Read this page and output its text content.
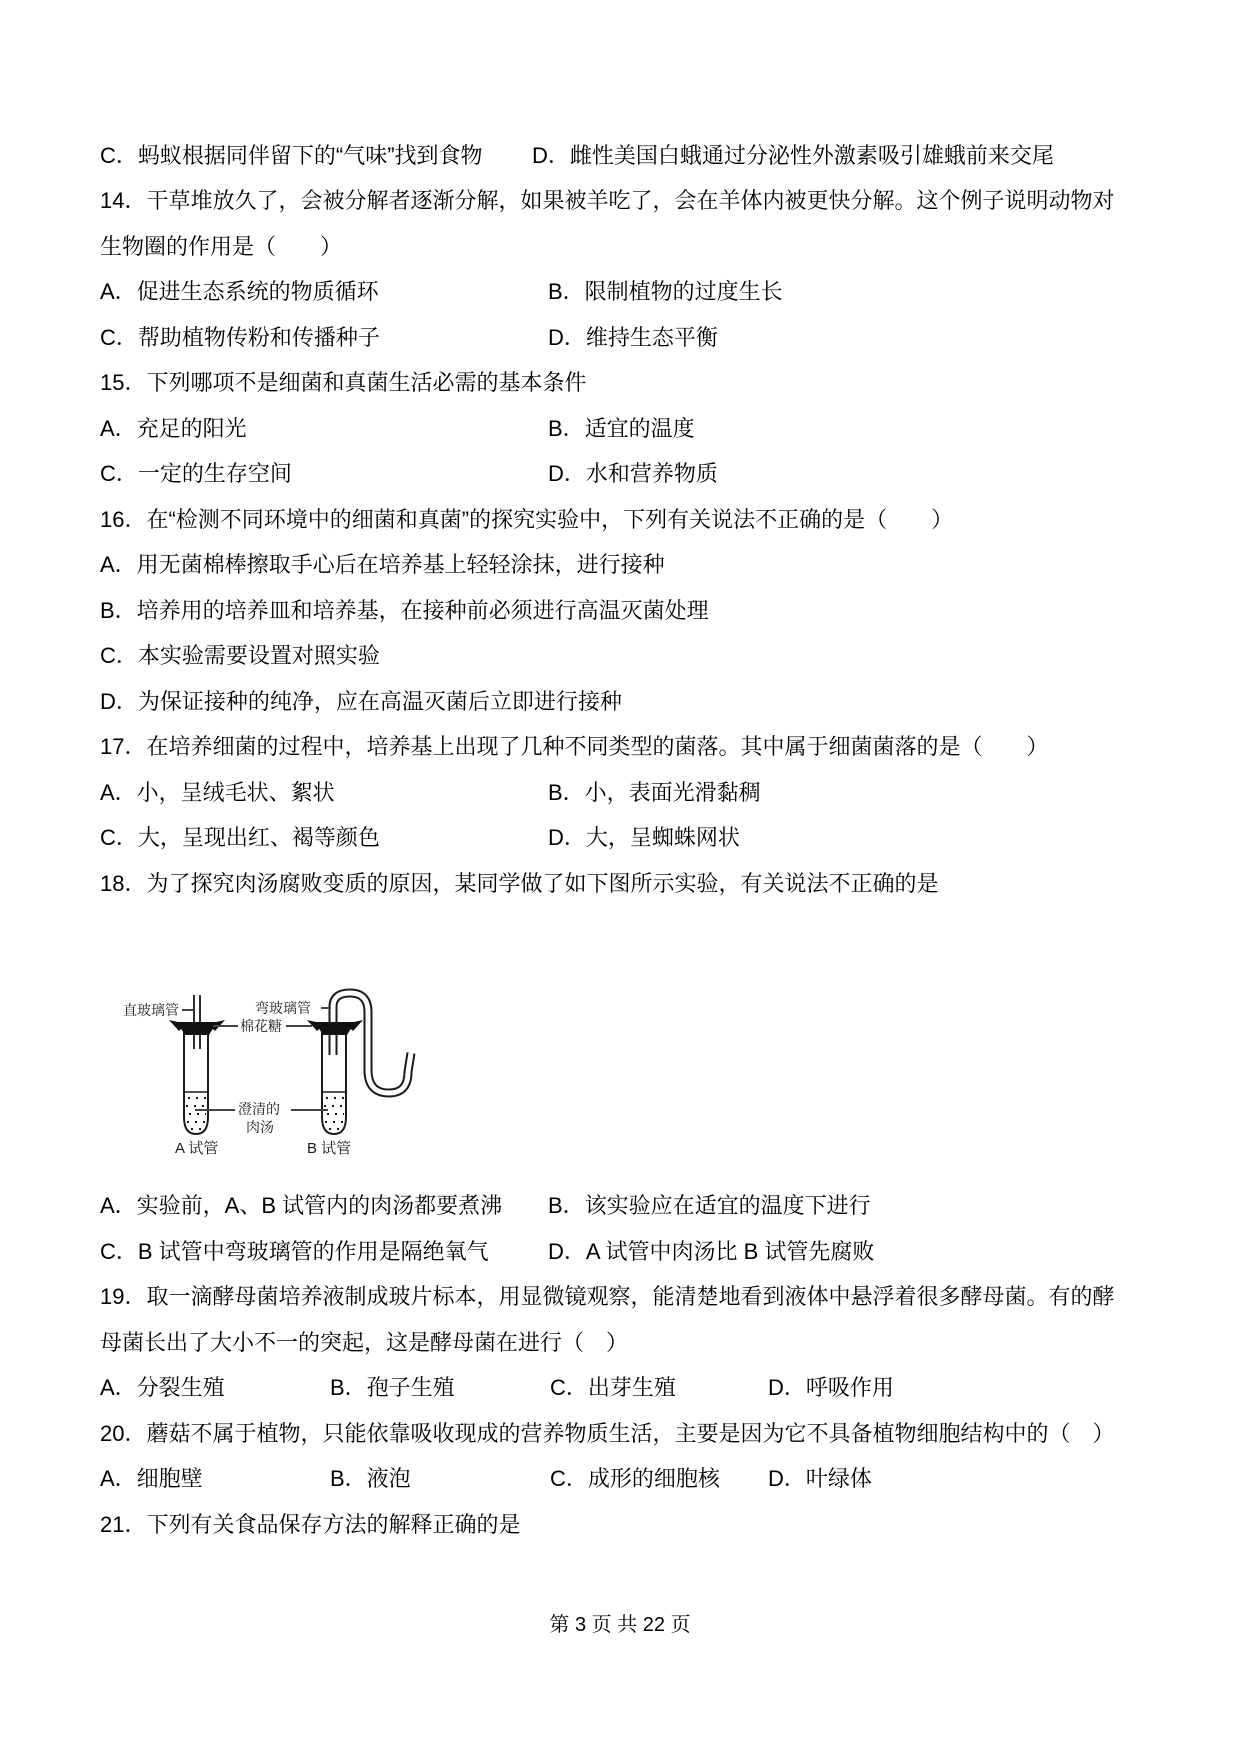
C．蚂蚁根据同伴留下的“气味”找到食物	D．雌性美国白蛾通过分泌性外激素吸引雄蛾前来交尾
14．干草堆放久了，会被分解者逐渐分解，如果被羊吃了，会在羊体内被更快分解。这个例子说明动物对
生物圈的作用是（　　）
A．促进生态系统的物质循环	B．限制植物的过度生长
C．帮助植物传粉和传播种子	D．维持生态平衡
15．下列哪项不是细菌和真菌生活必需的基本条件
A．充足的阳光	B．适宜的温度
C．一定的生存空间	D．水和营养物质
16．在“检测不同环境中的细菌和真菌”的探究实验中，下列有关说法不正确的是（　　）
A．用无菌棉棒擦取手心后在培养基上轻轻涂抹，进行接种
B．培养用的培养皿和培养基，在接种前必须进行高温灭菌处理
C．本实验需要设置对照实验
D．为保证接种的纯净，应在高温灭菌后立即进行接种
17．在培养细菌的过程中，培养基上出现了几种不同类型的菌落。其中属于细菌菌落的是（　　）
A．小，呈绒毛状、絮状	B．小，表面光滑黏稠
C．大，呈现出红、褐等颜色	D．大，呈蜘蛛网状
18．为了探究肉汤腐败变质的原因，某同学做了如下图所示实验，有关说法不正确的是
直玻璃管	弯玻璃管
棉花糖
澄清的
肉汤
A 试管	B 试管
A．实验前，A、B 试管内的肉汤都要煮沸	B．该实验应在适宜的温度下进行
C．B 试管中弯玻璃管的作用是隔绝氧气	D．A 试管中肉汤比 B 试管先腐败
19．取一滴酵母菌培养液制成玻片标本，用显微镜观察，能清楚地看到液体中悬浮着很多酵母菌。有的酵
母菌长出了大小不一的突起，这是酵母菌在进行（　）
A．分裂生殖	B．孢子生殖	C．出芽生殖	D．呼吸作用
20．蘑菇不属于植物，只能依靠吸收现成的营养物质生活，主要是因为它不具备植物细胞结构中的（　）
A．细胞壁	B．液泡	C．成形的细胞核	D．叶绿体
21．下列有关食品保存方法的解释正确的是
第 3 页 共 22 页
